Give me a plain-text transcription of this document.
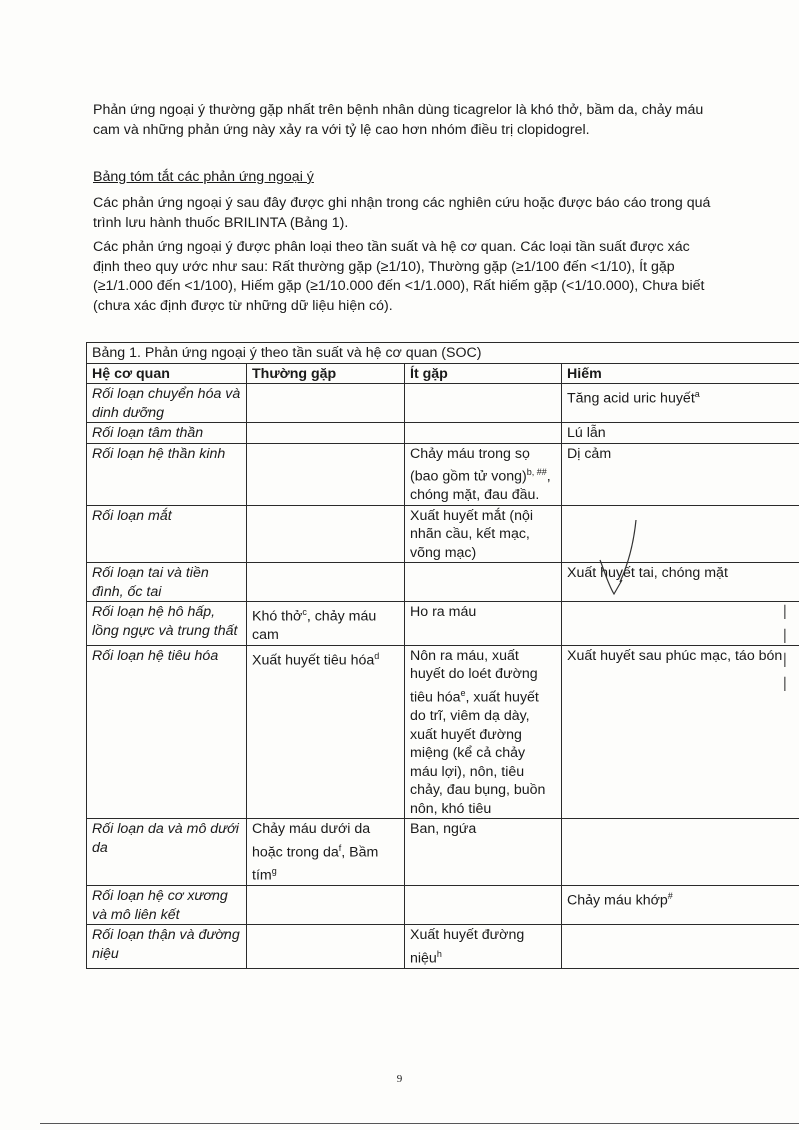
Phản ứng ngoại ý thường gặp nhất trên bệnh nhân dùng ticagrelor là khó thở, bầm da, chảy máu cam và những phản ứng này xảy ra với tỷ lệ cao hơn nhóm điều trị clopidogrel.

Bảng tóm tắt các phản ứng ngoại ý

Các phản ứng ngoại ý sau đây được ghi nhận trong các nghiên cứu hoặc được báo cáo trong quá trình lưu hành thuốc BRILINTA (Bảng 1).

Các phản ứng ngoại ý được phân loại theo tần suất và hệ cơ quan. Các loại tần suất được xác định theo quy ước như sau: Rất thường gặp (≥1/10), Thường gặp (≥1/100 đến <1/10), Ít gặp (≥1/1.000 đến <1/100), Hiếm gặp (≥1/10.000 đến <1/1.000), Rất hiếm gặp (<1/10.000), Chưa biết (chưa xác định được từ những dữ liệu hiện có).

Bảng 1. Phản ứng ngoại ý theo tần suất và hệ cơ quan (SOC)			
Hệ cơ quan	Thường gặp	Ít gặp	Hiếm
Rối loạn chuyển hóa và dinh dưỡng			Tăng acid uric huyết$^a$
Rối loạn tâm thần			Lú lẫn
Rối loạn hệ thần kinh		Chảy máu trong sọ (bao gồm tử vong)$^{b, \#\#}$, chóng mặt, đau đầu.	Dị cảm
Rối loạn mắt		Xuất huyết mắt (nội nhãn cầu, kết mạc, võng mạc)	
Rối loạn tai và tiền đình, ốc tai			Xuất huyết tai, chóng mặt
Rối loạn hệ hô hấp, lồng ngực và trung thất	Khó thở$^c$, chảy máu cam	Ho ra máu	
Rối loạn hệ tiêu hóa	Xuất huyết tiêu hóa$^d$	Nôn ra máu, xuất huyết do loét đường tiêu hóa$^e$, xuất huyết do trĩ, viêm dạ dày, xuất huyết đường miệng (kể cả chảy máu lợi), nôn, tiêu chảy, đau bụng, buồn nôn, khó tiêu	Xuất huyết sau phúc mạc, táo bón
Rối loạn da và mô dưới da	Chảy máu dưới da hoặc trong $da^f$, Bầm tím$^g$	Ban, ngứa	
Rối loạn hệ cơ xương và mô liên kết			Chảy máu khớp#
Rối loạn thận và đường niệu		Xuất huyết đường niệu$^h$	
▏
▏
▏
▏
9
